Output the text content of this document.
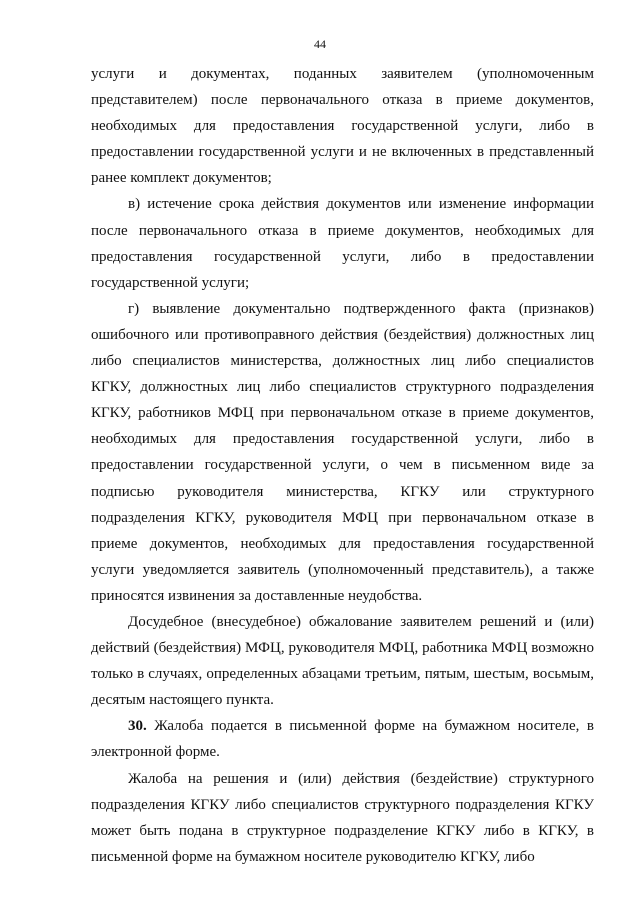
44

услуги и документах, поданных заявителем (уполномоченным представителем) после первоначального отказа в приеме документов, необходимых для предоставления государственной услуги, либо в предоставлении государственной услуги и не включенных в представленный ранее комплект документов;

в) истечение срока действия документов или изменение информации после первоначального отказа в приеме документов, необходимых для предоставления государственной услуги, либо в предоставлении государственной услуги;

г) выявление документально подтвержденного факта (признаков) ошибочного или противоправного действия (бездействия) должностных лиц либо специалистов министерства, должностных лиц либо специалистов КГКУ, должностных лиц либо специалистов структурного подразделения КГКУ, работников МФЦ при первоначальном отказе в приеме документов, необходимых для предоставления государственной услуги, либо в предоставлении государственной услуги, о чем в письменном виде за подписью руководителя министерства, КГКУ или структурного подразделения КГКУ, руководителя МФЦ при первоначальном отказе в приеме документов, необходимых для предоставления государственной услуги уведомляется заявитель (уполномоченный представитель), а также приносятся извинения за доставленные неудобства.

Досудебное (внесудебное) обжалование заявителем решений и (или) действий (бездействия) МФЦ, руководителя МФЦ, работника МФЦ возможно только в случаях, определенных абзацами третьим, пятым, шестым, восьмым, десятым настоящего пункта.

30. Жалоба подается в письменной форме на бумажном носителе, в электронной форме.

Жалоба на решения и (или) действия (бездействие) структурного подразделения КГКУ либо специалистов структурного подразделения КГКУ может быть подана в структурное подразделение КГКУ либо в КГКУ, в письменной форме на бумажном носителе руководителю КГКУ, либо
